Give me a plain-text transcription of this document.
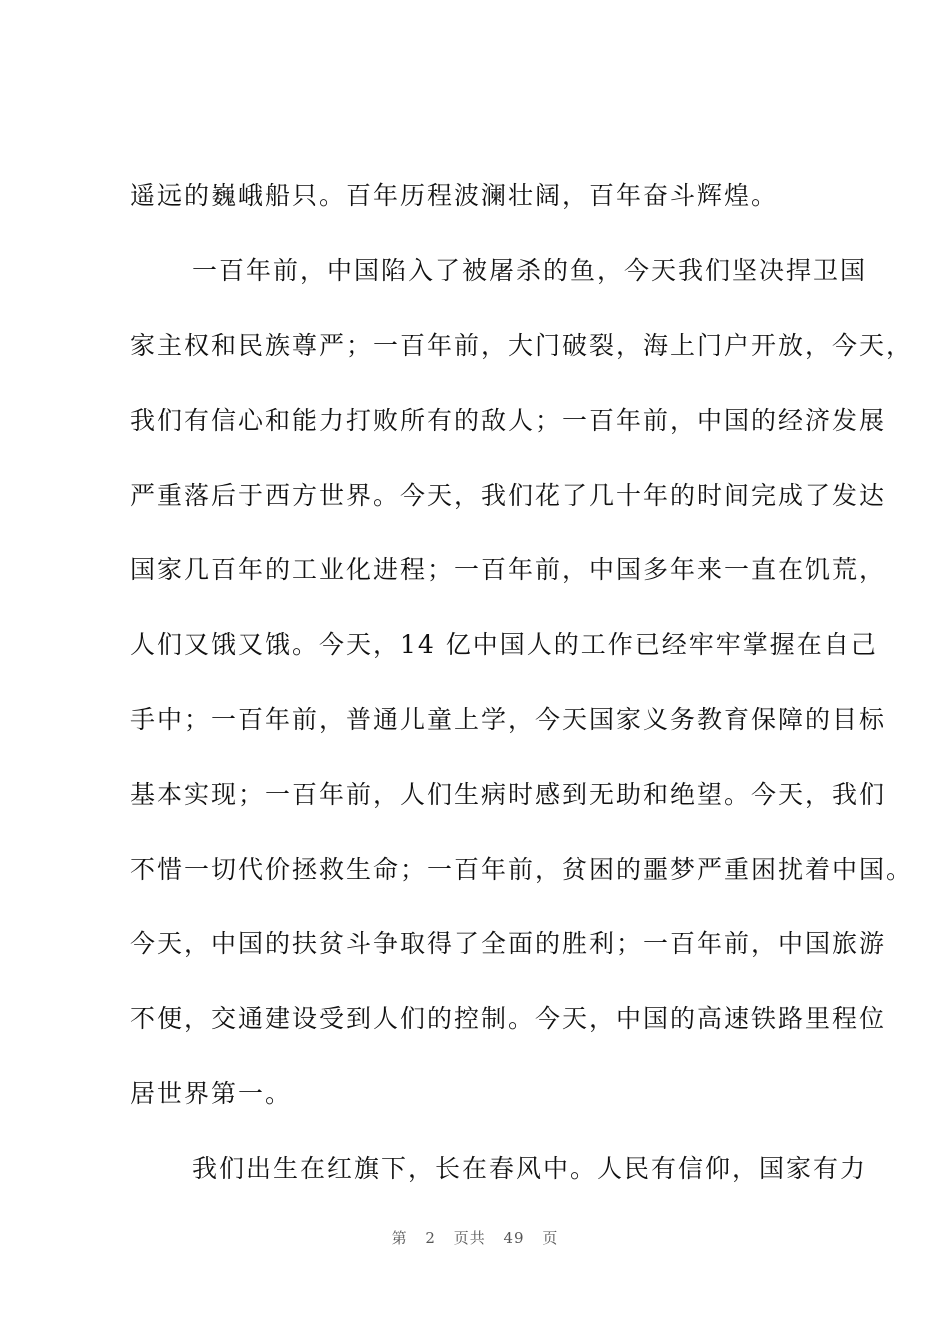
遥远的巍峨船只。百年历程波澜壮阔，百年奋斗辉煌。
一百年前，中国陷入了被屠杀的鱼，今天我们坚决捍卫国
家主权和民族尊严；一百年前，大门破裂，海上门户开放，今天，
我们有信心和能力打败所有的敌人；一百年前，中国的经济发展
严重落后于西方世界。今天，我们花了几十年的时间完成了发达
国家几百年的工业化进程；一百年前，中国多年来一直在饥荒，
人们又饿又饿。今天，14 亿中国人的工作已经牢牢掌握在自己
手中；一百年前，普通儿童上学，今天国家义务教育保障的目标
基本实现；一百年前，人们生病时感到无助和绝望。今天，我们
不惜一切代价拯救生命；一百年前，贫困的噩梦严重困扰着中国。
今天，中国的扶贫斗争取得了全面的胜利；一百年前，中国旅游
不便，交通建设受到人们的控制。今天，中国的高速铁路里程位
居世界第一。
我们出生在红旗下，长在春风中。人民有信仰，国家有力
第 2 页共 49 页
